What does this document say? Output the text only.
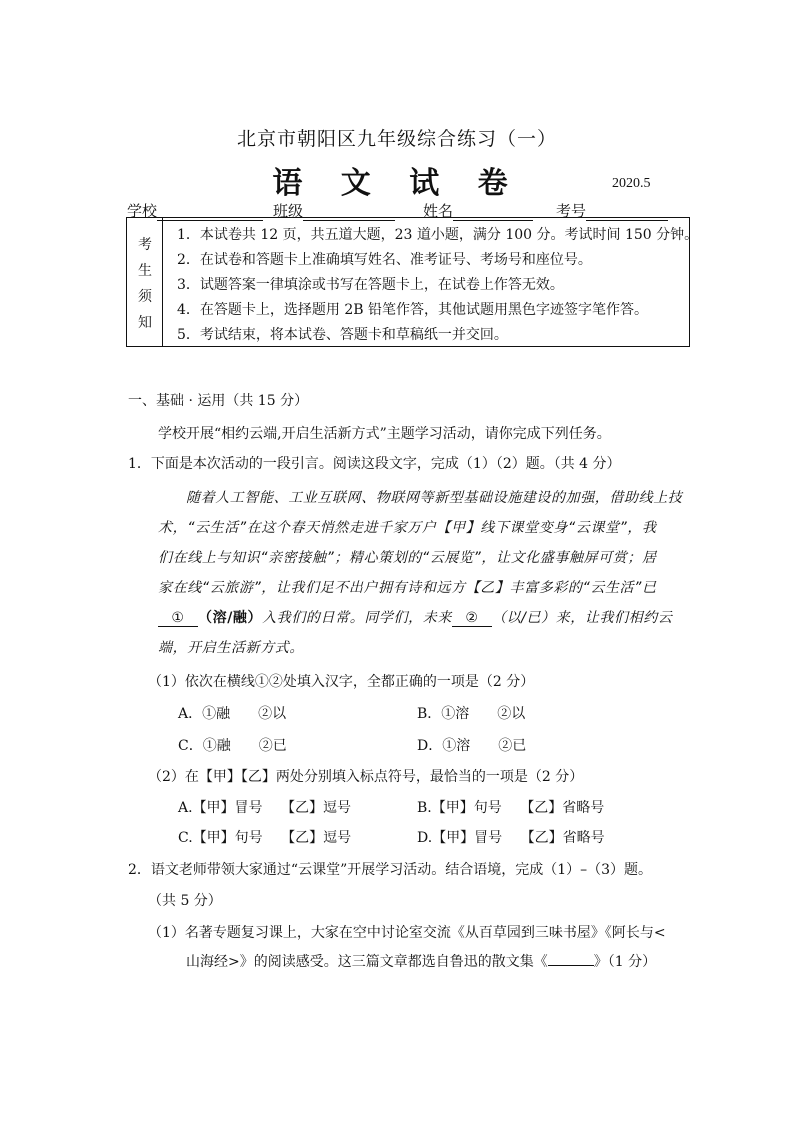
北京市朝阳区九年级综合练习（一）
语 文 试 卷	2020.5
学校	班级	姓名	考号
考
生
须
知
1．本试卷共 12 页，共五道大题，23 道小题，满分 100 分。考试时间 150 分钟。
2．在试卷和答题卡上准确填写姓名、准考证号、考场号和座位号。
3．试题答案一律填涂或书写在答题卡上，在试卷上作答无效。
4．在答题卡上，选择题用 2B 铅笔作答，其他试题用黑色字迹签字笔作答。
5．考试结束，将本试卷、答题卡和草稿纸一并交回。
一、基础 · 运用（共 15 分）
学校开展“相约云端,开启生活新方式”主题学习活动，请你完成下列任务。
1．下面是本次活动的一段引言。阅读这段文字，完成（1）（2）题。（共 4 分）
随着人工智能、工业互联网、物联网等新型基础设施建设的加强，借助线上技
术，“云生活”在这个春天悄然走进千家万户【甲】线下课堂变身“云课堂”，我
们在线上与知识“亲密接触”；精心策划的“云展览”，让文化盛事触屏可赏；居
家在线“云旅游”，让我们足不出户拥有诗和远方【乙】丰富多彩的“云生活”已
① （溶/融）入我们的日常。同学们，未来 ② （以/已）来，让我们相约云
端，开启生活新方式。
（1）依次在横线①②处填入汉字，全都正确的一项是（2 分）
A．①融　　②以	B．①溶　　②以
C．①融　　②已	D．①溶　　②已
（2）在【甲】【乙】两处分别填入标点符号，最恰当的一项是（2 分）
A.【甲】冒号　 【乙】逗号	B.【甲】句号　 【乙】省略号
C.【甲】句号　 【乙】逗号	D.【甲】冒号　 【乙】省略号
2．语文老师带领大家通过“云课堂”开展学习活动。结合语境，完成（1）–（3）题。
（共 5 分）
（1）名著专题复习课上，大家在空中讨论室交流《从百草园到三味书屋》《阿长与<
山海经>》的阅读感受。这三篇文章都选自鲁迅的散文集《	》（1 分）
